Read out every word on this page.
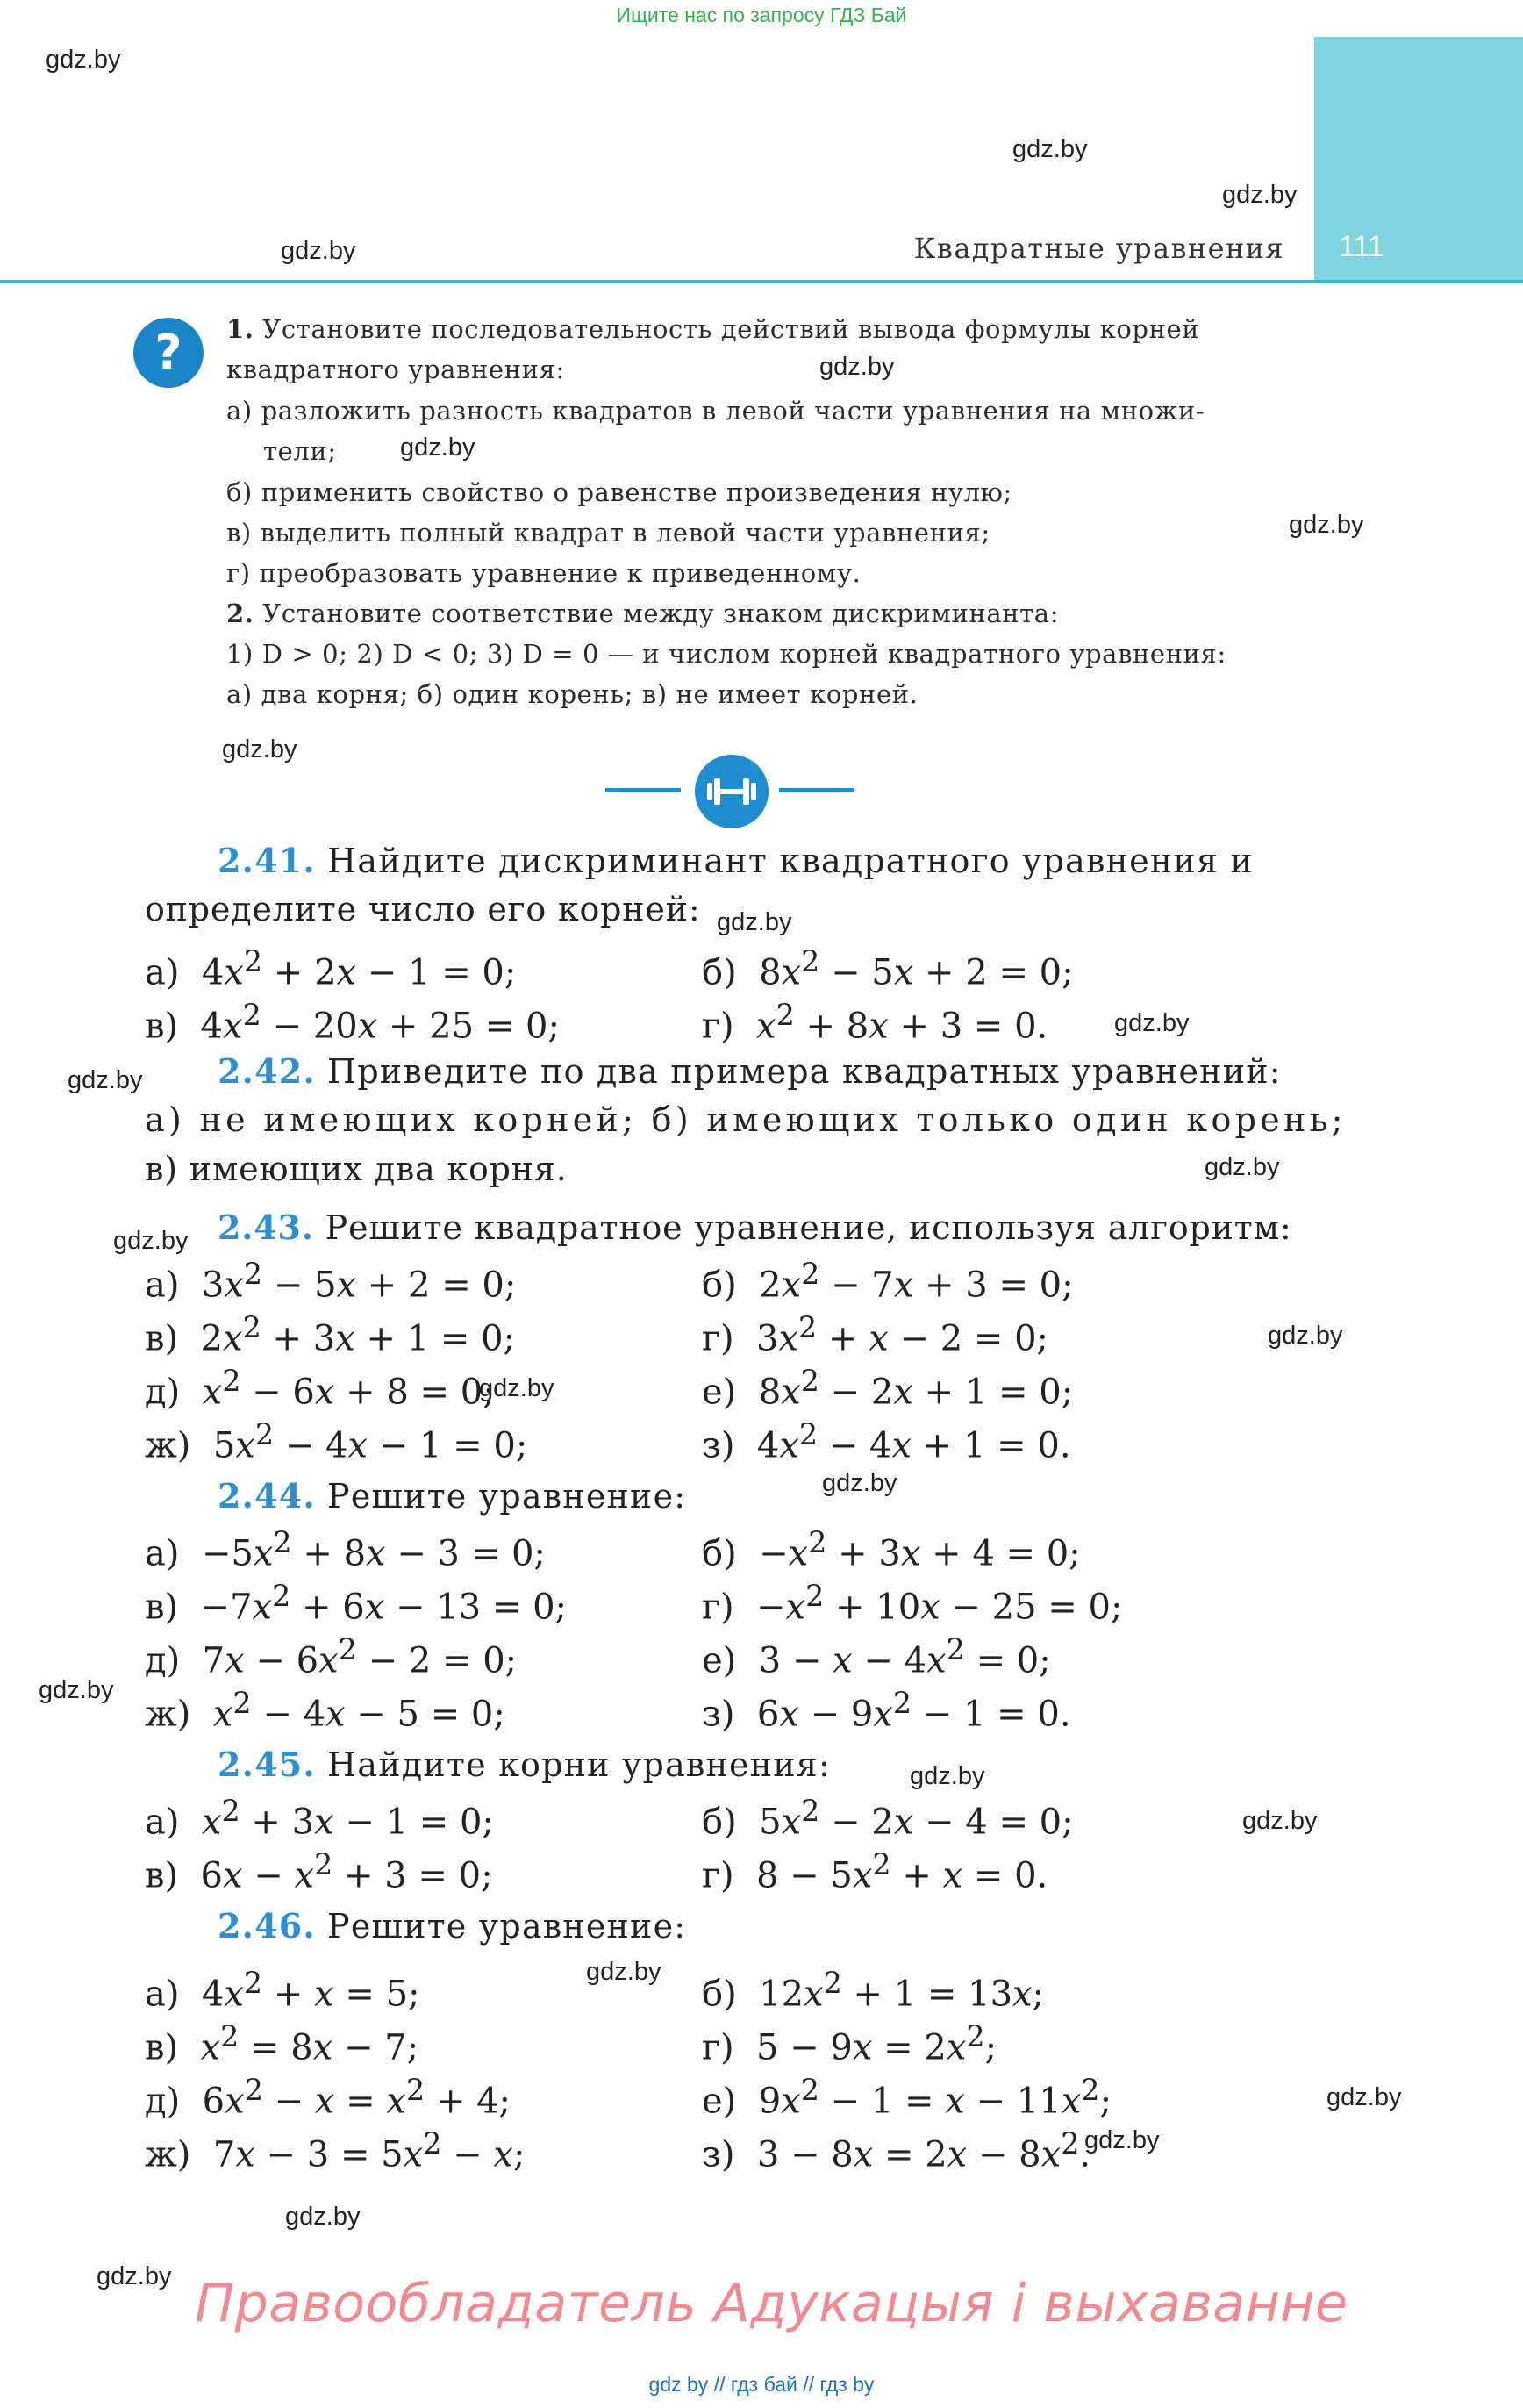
Ищите нас по запросу ГДЗ Бай
111
Квадратные уравнения
gdz.by
gdz.by
gdz.by
gdz.by
gdz.by
gdz.by
gdz.by
gdz.by
gdz.by
gdz.by
gdz.by
gdz.by
gdz.by
gdz.by
gdz.by
gdz.by
gdz.by
gdz.by
gdz.by
gdz.by
gdz.by
gdz.by
gdz.by
gdz.by
?	1. Установите последовательность действий вывода формулы корней
квадратного уравнения:
а) разложить разность квадратов в левой части уравнения на множи-
тели;
б) применить свойство о равенстве произведения нулю;
в) выделить полный квадрат в левой части уравнения;
г) преобразовать уравнение к приведенному.
2. Установите соответствие между знаком дискриминанта:
1) D > 0; 2) D < 0; 3) D = 0 — и числом корней квадратного уравнения:
а) два корня; б) один корень; в) не имеет корней.
2.41. Найдите дискриминант квадратного уравнения и
определите число его корней:
а)  $4x^2 + 2x - 1 = 0$;	б)  $8x^2 - 5x + 2 = 0$;
в)  $4x^2 - 20x + 25 = 0$;	г)  $x^2 + 8x + 3 = 0$.
2.42. Приведите по два примера квадратных уравнений:
а) не имеющих корней; б) имеющих только один корень;
в) имеющих два корня.
2.43. Решите квадратное уравнение, используя алгоритм:
а)  $3x^2 - 5x + 2 = 0$;	б)  $2x^2 - 7x + 3 = 0$;
в)  $2x^2 + 3x + 1 = 0$;	г)  $3x^2 + x - 2 = 0$;
д)  $x^2 - 6x + 8 = 0$;	е)  $8x^2 - 2x + 1 = 0$;
ж)  $5x^2 - 4x - 1 = 0$;	з)  $4x^2 - 4x + 1 = 0$.
2.44. Решите уравнение:
$а) -5x^2 + 8x - 3 = 0$;	$б) -x^2 + 3x + 4 = 0$;
$в) -7x^2 + 6x - 13 = 0$;	$г) -x^2 + 10x - 25 = 0$;
д)  $7x - 6x^2 - 2 = 0$;	е)  $3 - x - 4x^2 = 0$;
ж)  $x^2 - 4x - 5 = 0$;	з)  $6x - 9x^2 - 1 = 0$.
2.45. Найдите корни уравнения:
а)  $x^2 + 3x - 1 = 0$;	б)  $5x^2 - 2x - 4 = 0$;
в)  $6x - x^2 + 3 = 0$;	г)  $8 - 5x^2 + x = 0$.
2.46. Решите уравнение:
а)  $4x^2 + x = 5$;	б)  $12x^2 + 1 = 13x$;
в)  $x^2 = 8x - 7$;	г)  $5 - 9x = 2x^2$;
д)  $6x^2 - x = x^2 + 4$;	е)  $9x^2 - 1 = x - 11x^2$;
ж)  $7x - 3 = 5x^2 - x$;	з)  $3 - 8x = 2x - 8x^2$.
Правообладатель Адукацыя і выхаванне
gdz by // гдз бай // гдз by
